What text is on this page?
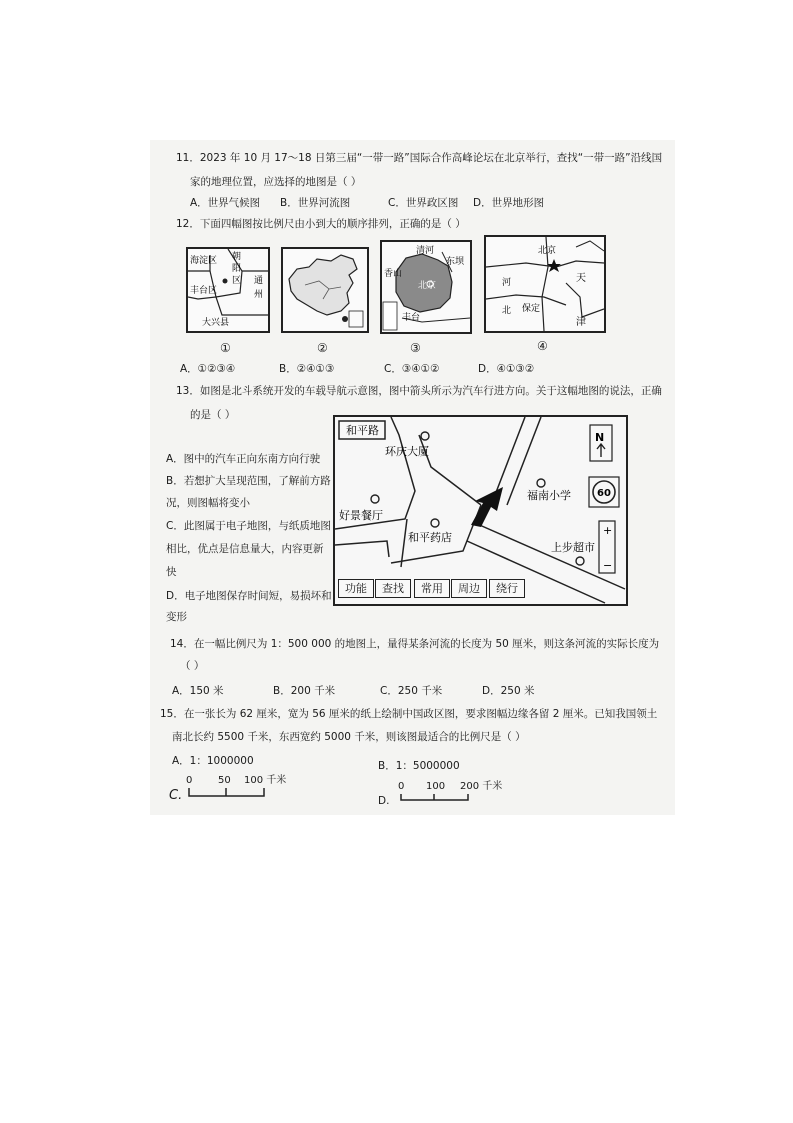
11．2023 年 10 月 17～18 日第三届“一带一路”国际合作高峰论坛在北京举行，查找“一带一路”沿线国
家的地理位置，应选择的地图是（ ）
A．世界气候图 B．世界河流图	C．世界政区图 D．世界地形图
12．下面四幅图按比例尺由小到大的顺序排列，正确的是（ ）
海淀区 朝
阳
区
丰台区
通
州
大兴县
清河
香山
东坝
北京
丰台
北京
河	天
北 保定
津
①	②	③	④
A．①②③④	B．②④①③	C．③④①②	D．④①③②
13．如图是北斗系统开发的车载导航示意图，图中箭头所示为汽车行进方向。关于这幅地图的说法，正确
的是（ ）
A．图中的汽车正向东南方向行驶
B．若想扩大呈现范围，了解前方路
况，则图幅将变小
C．此图属于电子地图，与纸质地图
相比，优点是信息量大，内容更新
快
D．电子地图保存时间短，易损坏和
变形
和平路
环庆大厦
福南小学
好景餐厅
和平药店
上步超市
N
60
+
−
功能	查找	常用	周边	绕行
14．在一幅比例尺为 1：500 000 的地图上，量得某条河流的长度为 50 厘米，则这条河流的实际长度为
（ ）
A．150 米	B．200 千米	C．250 千米	D．250 米
15．在一张长为 62 厘米，宽为 56 厘米的纸上绘制中国政区图，要求图幅边缘各留 2 厘米。已知我国领土
南北长约 5500 千米，东西宽约 5000 千米，则该图最适合的比例尺是（ ）
A．1：1000000	B．1：5000000
C.
0	50 100 千米
D.
0 100 200 千米
